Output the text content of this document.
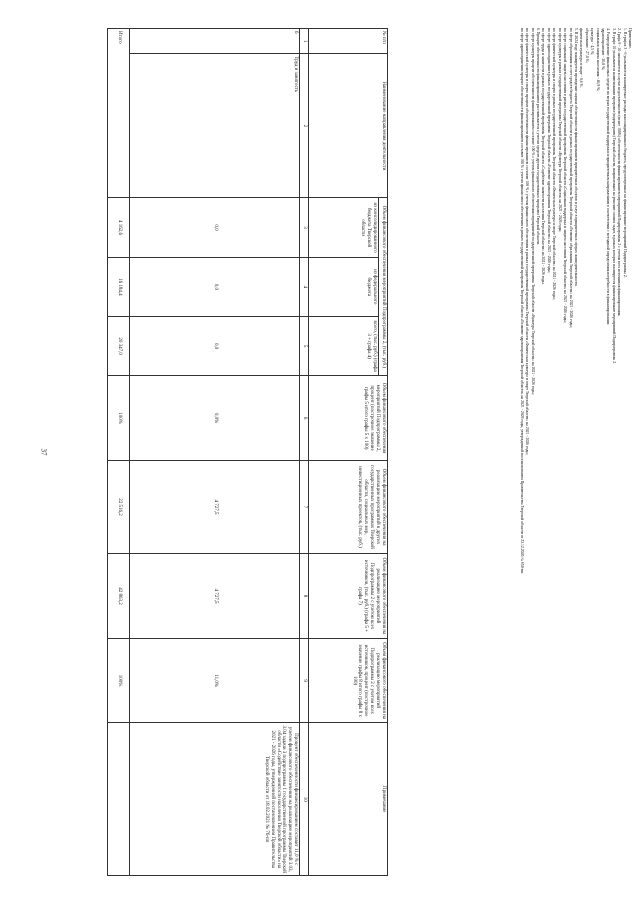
37
Примечание.
1. В графах 3 - 6 указываются планируемые расходы консолидированного бюджета, предусмотренные на финансирование мероприятий Подпрограммы 2.
2. Графа 9 - 10 заполняется в случае недостаточности (менее 100%) обеспеченности финансированием мероприятий Подпрограммы 2 с учетом всех источников финансирования.
3. В графе 10 указываются наименования программ (подпрограмм) Тверской области, направленных на решение схожих задач, в рамках которых планируется финансирование мероприятий Подпрограммы 2.
4. Распределение финансовых средств по мерам государственной поддержки и приоритетным направлениям в соответствии с методикой определения потребности в финансировании:
здравоохранение - 26,8 %;
социальная защита населения - 46,9 %;
культура - 4,5 %;
образование - 27,0 %;
физическая культура и спорт - 0,6 %.
5. В 2024 году планируется проведение оценки обеспеченности финансированием приоритетных объектов и услуг в приоритетных сферах жизнедеятельности.
по сфере образования за счет средств бюджета Тверской области в рамках государственной программы Тверской области «Развитие образования Тверской области» на 2021 - 2026 годы;
по сфере социальной защиты населения в рамках государственной программы Тверской области «Социальная поддержка и защита населения Тверской области» на 2021 - 2026 годы;
по сфере культуры в рамках государственной программы Тверской области «Культура Тверской области» на 2021 - 2026 годы;
по сфере физической культуры и спорта в рамках государственной программы Тверской области «Физическая культура и спорт Тверской области» на 2021 - 2026 годы;
по сфере здравоохранения в рамках государственной программы Тверской области «Развитие здравоохранения Тверской области» на 2021 - 2026 годы;
по сфере труда и занятости в рамках государственной программы Тверской области «Содействие занятости населения Тверской области» на 2021 - 2026 годы.
6. Процент обеспеченности финансированием рассчитывается с учетом средств других государственных программ Тверской области.
по сфере культуры процент обеспеченности финансированием составит 100 % с учетом финансового обеспечения мероприятий государственной программы Тверской области «Культура Тверской области» на 2021 - 2026 годы;
по сфере физической культуры и спорта процент обеспеченности финансированием составит 100 % с учетом финансового обеспечения в рамках государственной программы Тверской области «Физическая культура и спорт Тверской области» на 2021 - 2026 годы;
по сфере здравоохранения процент обеспеченности финансированием составит 100 % с учетом финансового обеспечения в рамках государственной программы Тверской области «Развитие здравоохранения Тверской области» на 2021 - 2026 годы, утвержденной постановлением Правительства Тверской области от 23.12.2020 № 658-пп.
№ п/п	Наименование направления деятельности	Объем финансового обеспечения мероприятий Подпрограммы 2, (тыс. руб.)			Объем финансового обеспечения мероприятий Подпрограммы 2, процент (построчное значение графы 5 итого графы 5 х 100)	Объем финансового обеспечения на реализацию мероприятий в других государственных программах Тверской области, социальных мер, инвестиционных проектов, (тыс. руб.)	Объем финансового обеспечения на реализацию мероприятий Подпрограммы 2 с учетом всех источников, (тыс. руб.) (графа 5 + графа 7)	Объем финансового обеспечения на реализацию мероприятий Подпрограммы 2 с учетом всех источников, процент (построчное значение графы 8 итого графы 8 х 100)	Примечание
		из консолидированного бюджета Тверской области	из федерального бюджета	всего, (тыс. руб.) (графа 3 + графа 4)					
1	2	3	4	5	6	7	8	9	10
6	Труд и занятость	0,0	0,0	0,0	0,0%	4 727,5	4 727,5	11,0%	Процент обеспеченности финансированием составит 11,0 % с учетом финансового обеспечения на реализацию мероприятий 3.03, 3.04 задачи 3 подпрограммы 1 государственной программы Тверской области «Содействие занятости населения Тверской области» на 2021 - 2026 годы, утвержденной постановлением Правительства Тверской области от 18.02.2021 № 76-пп
Итого		4 162,6	16 184,4	20 347,0	100%	22 516,2	42 863,2	100%	
